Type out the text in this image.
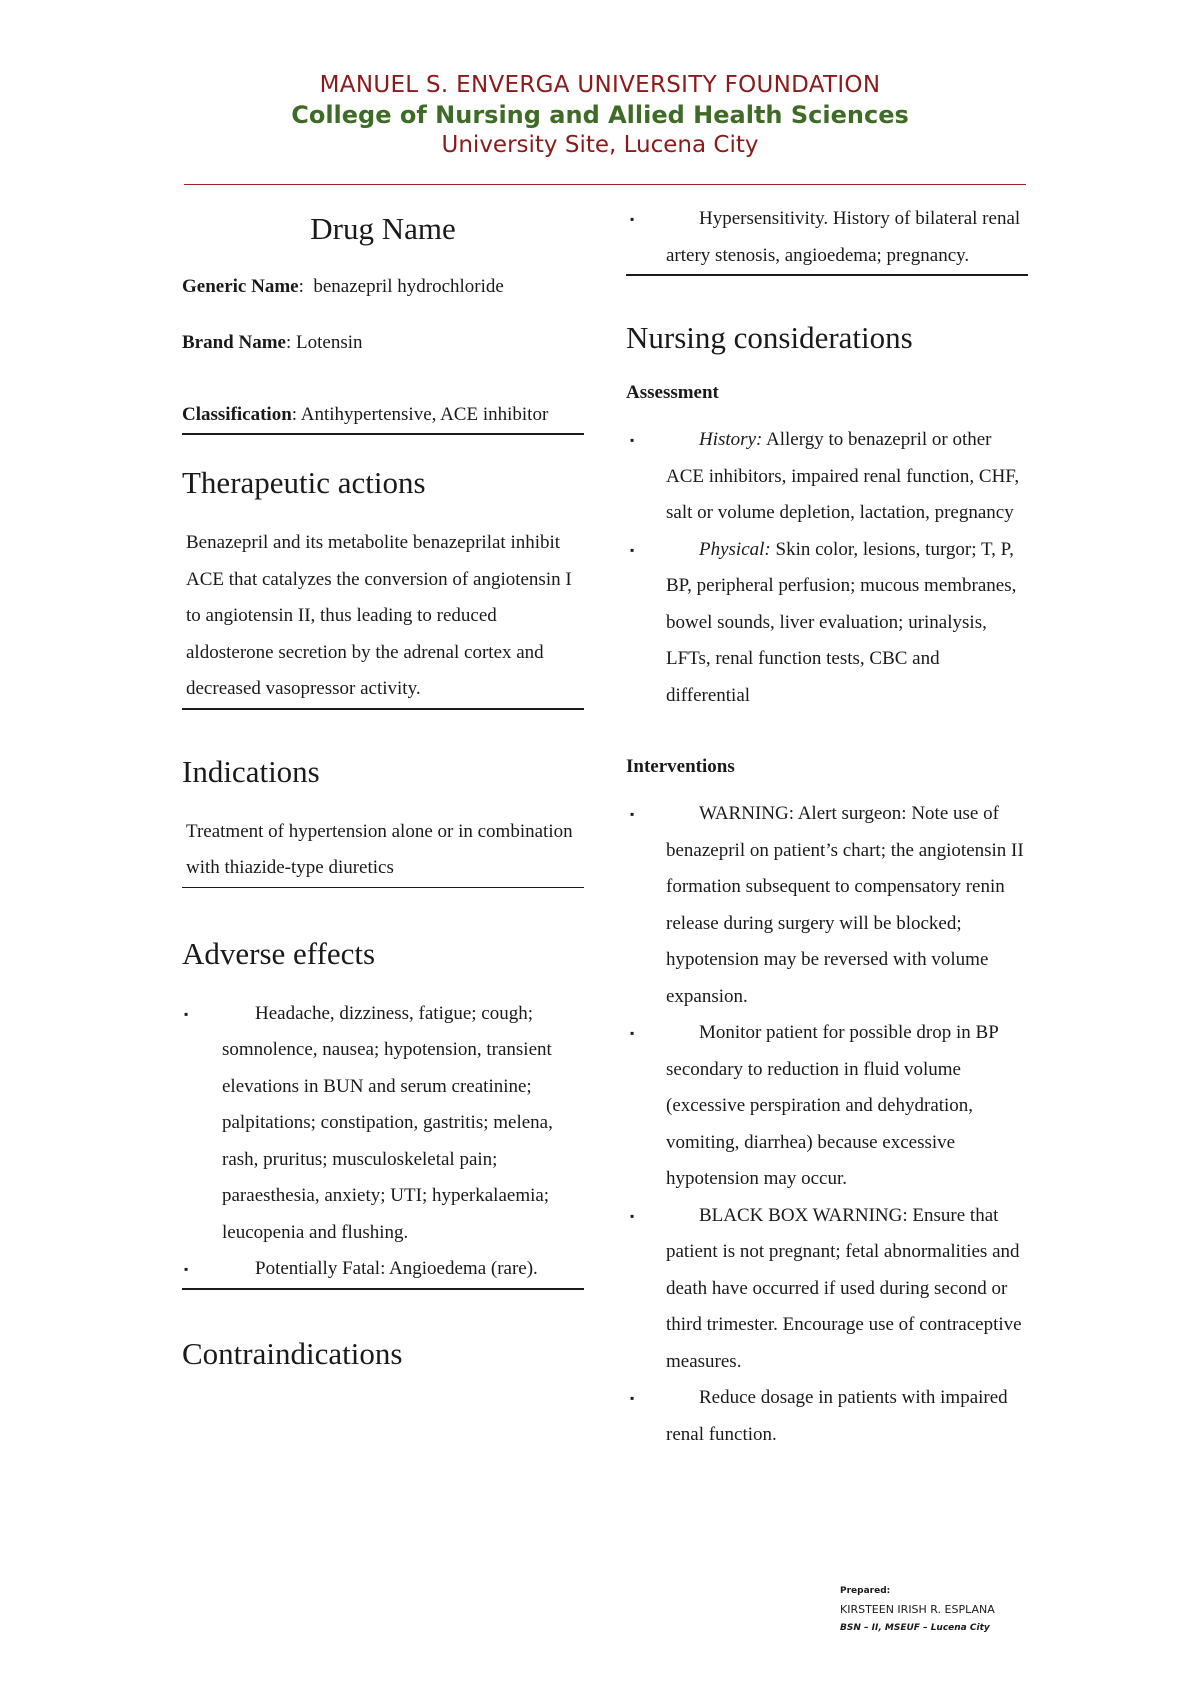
MANUEL S. ENVERGA UNIVERSITY FOUNDATION
College of Nursing and Allied Health Sciences
University Site, Lucena City
Drug Name
Generic Name:  benazepril hydrochloride
Brand Name: Lotensin
Classification: Antihypertensive, ACE inhibitor
Therapeutic actions
Benazepril and its metabolite benazeprilat inhibit ACE that catalyzes the conversion of angiotensin I to angiotensin II, thus leading to reduced aldosterone secretion by the adrenal cortex and decreased vasopressor activity.
Indications
Treatment of hypertension alone or in combination with thiazide-type diuretics
Adverse effects
▪	Headache, dizziness, fatigue; cough; somnolence, nausea; hypotension, transient elevations in BUN and serum creatinine; palpitations; constipation, gastritis; melena, rash, pruritus; musculoskeletal pain; paraesthesia, anxiety; UTI; hyperkalaemia; leucopenia and flushing.
▪	Potentially Fatal: Angioedema (rare).
Contraindications
▪	Hypersensitivity. History of bilateral renal artery stenosis, angioedema; pregnancy.
Nursing considerations
Assessment
▪	History: Allergy to benazepril or other ACE inhibitors, impaired renal function, CHF, salt or volume depletion, lactation, pregnancy
▪	Physical: Skin color, lesions, turgor; T, P, BP, peripheral perfusion; mucous membranes, bowel sounds, liver evaluation; urinalysis, LFTs, renal function tests, CBC and differential
Interventions
▪	WARNING: Alert surgeon: Note use of benazepril on patient’s chart; the angiotensin II formation subsequent to compensatory renin release during surgery will be blocked; hypotension may be reversed with volume expansion.
▪	Monitor patient for possible drop in BP secondary to reduction in fluid volume (excessive perspiration and dehydration, vomiting, diarrhea) because excessive hypotension may occur.
▪	BLACK BOX WARNING: Ensure that patient is not pregnant; fetal abnormalities and death have occurred if used during second or third trimester. Encourage use of contraceptive measures.
▪	Reduce dosage in patients with impaired renal function.
Prepared:
KIRSTEEN IRISH R. ESPLANA
BSN – II, MSEUF – Lucena City
